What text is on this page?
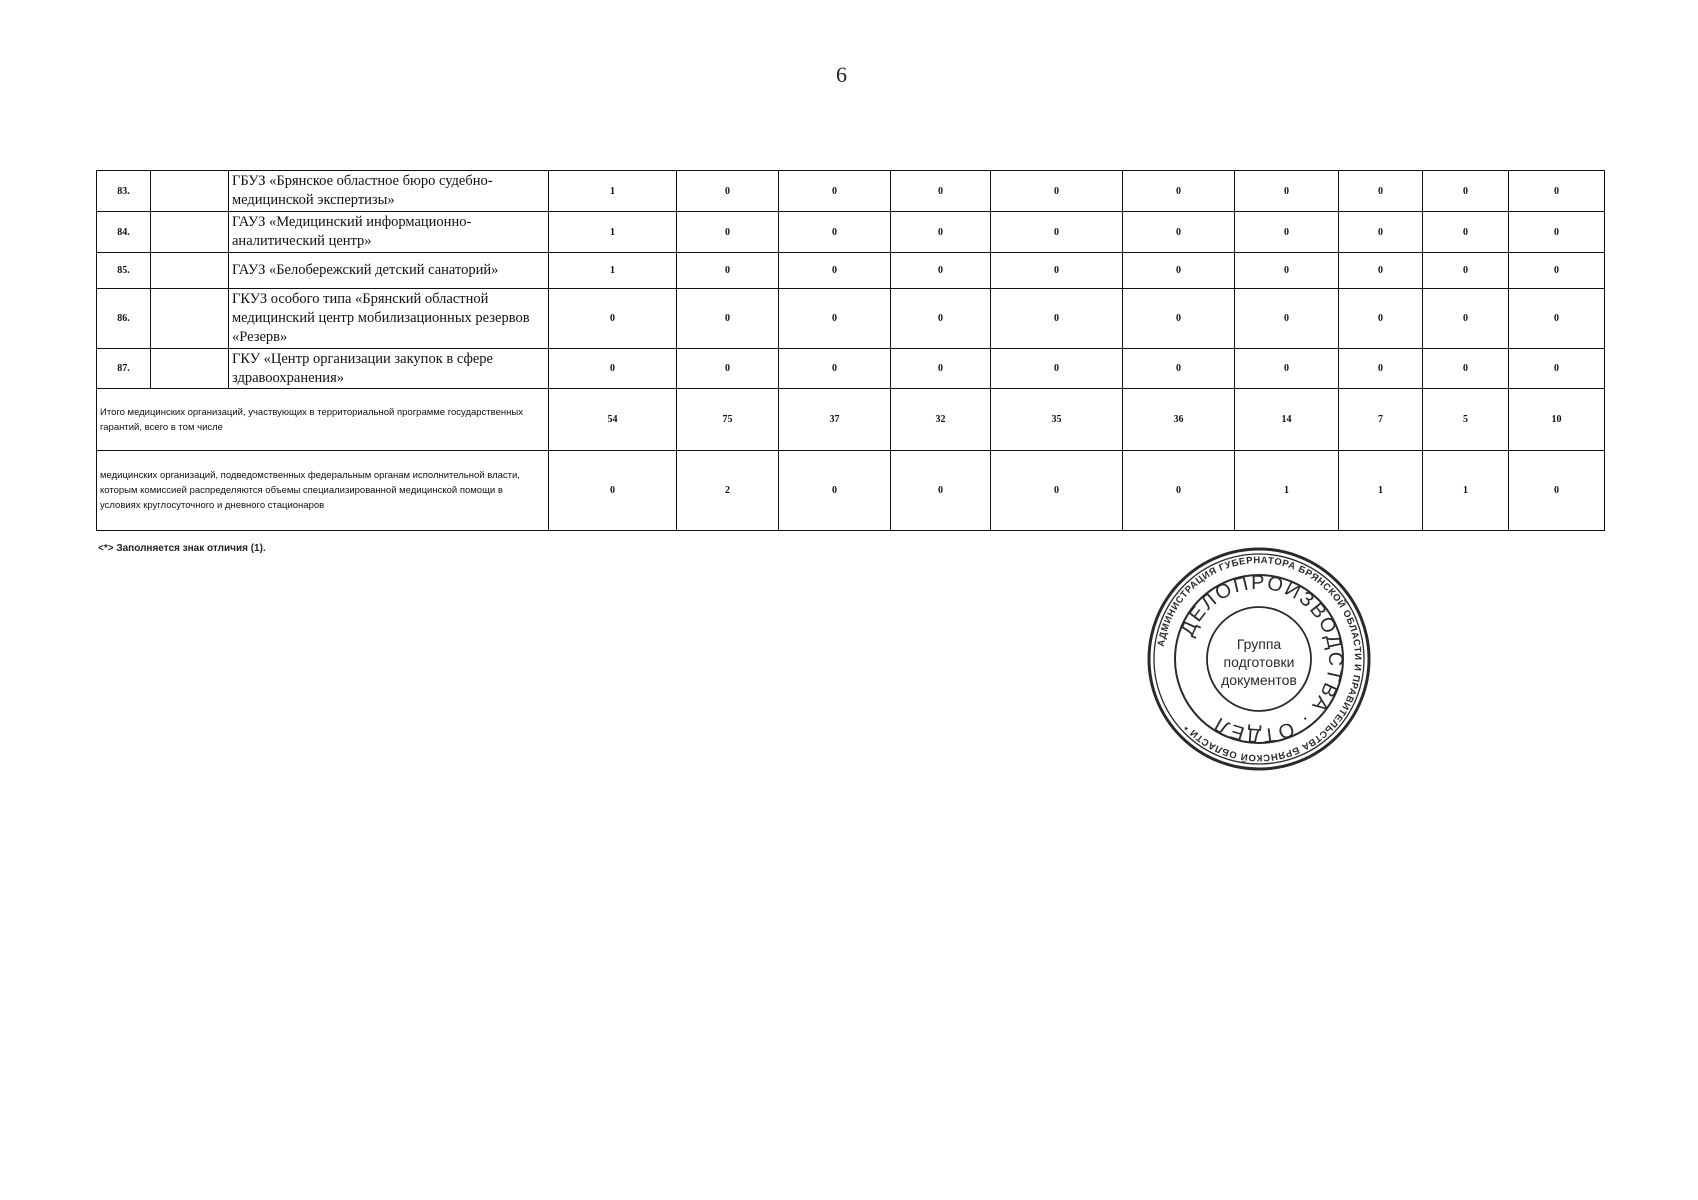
6
83.		ГБУЗ «Брянское областное бюро судебно-медицинской экспертизы»	1	0	0	0	0	0	0	0	0	0
84.		ГАУЗ «Медицинский информационно-аналитический центр»	1	0	0	0	0	0	0	0	0	0
85.		ГАУЗ «Белобережский детский санаторий»	1	0	0	0	0	0	0	0	0	0
86.		ГКУЗ особого типа «Брянский областной медицинский центр мобилизационных резервов «Резерв»	0	0	0	0	0	0	0	0	0	0
87.		ГКУ «Центр организации закупок в сфере здравоохранения»	0	0	0	0	0	0	0	0	0	0
Итого медицинских организаций, участвующих в территориальной программе государственных гарантий, всего в том числе			54	75	37	32	35	36	14	7	5	10
медицинских организаций, подведомственных федеральным органам исполнительной власти, которым комиссией распределяются объемы специализированной медицинской помощи в условиях круглосуточного и дневного стационаров			0	2	0	0	0	0	1	1	1	0
<*> Заполняется знак отличия (1).
АДМИНИСТРАЦИЯ ГУБЕРНАТОРА БРЯНСКОЙ ОБЛАСТИ И ПРАВИТЕЛЬСТВА БРЯНСКОЙ ОБЛАСТИ *
ДЕЛОПРОИЗВОДСТВА · ОТДЕЛ
Группа
подготовки
документов
